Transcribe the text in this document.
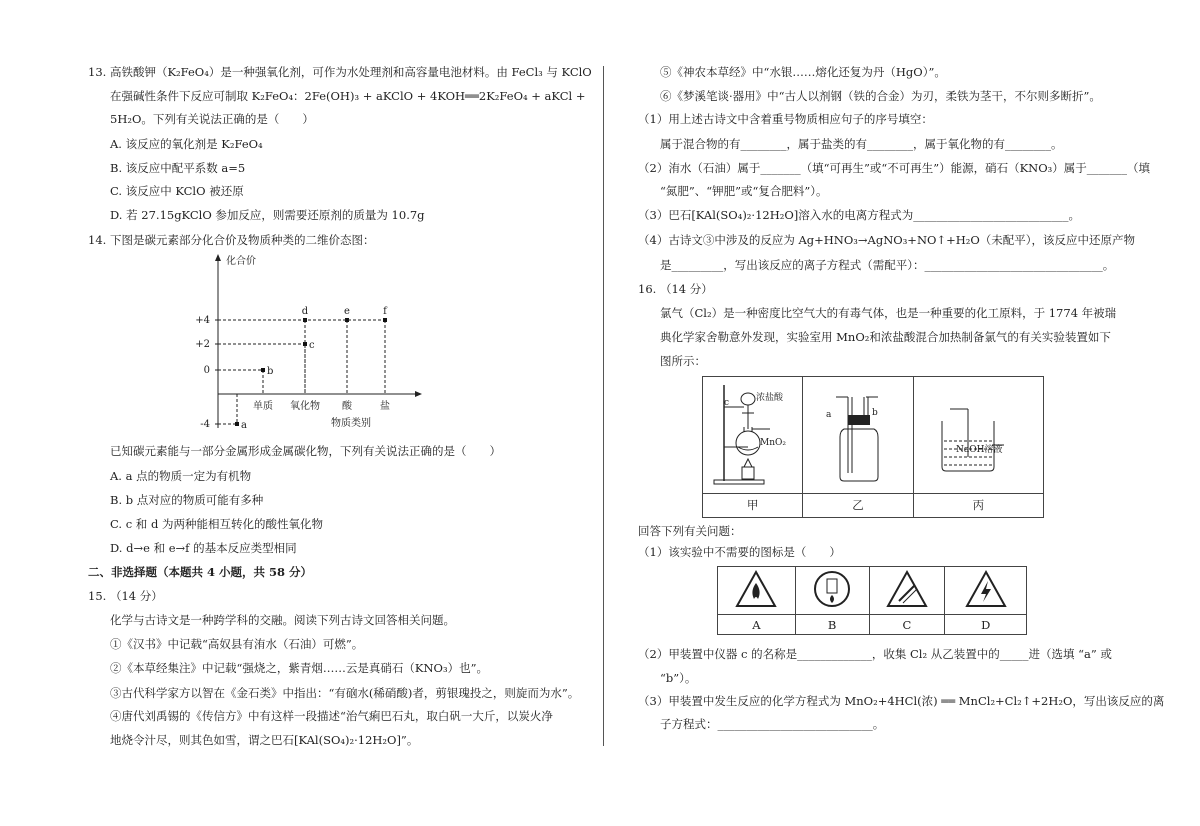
13. 高铁酸钾（K₂FeO₄）是一种强氧化剂，可作为水处理剂和高容量电池材料。由 FeCl₃ 与 KClO
在强碱性条件下反应可制取 K₂FeO₄：2Fe(OH)₃ + aKClO + 4KOH══2K₂FeO₄ + aKCl +
5H₂O。下列有关说法正确的是（　　）
A. 该反应的氧化剂是 K₂FeO₄
B. 该反应中配平系数 a=5
C. 该反应中 KClO 被还原
D. 若 27.15gKClO 参加反应，则需要还原剂的质量为 10.7g
14. 下图是碳元素部分化合价及物质种类的二维价态图：
+4
+2
0
-4
单质 氧化物 酸	盐
a
b
c
d	e	f
化合价
物质类别
已知碳元素能与一部分金属形成金属碳化物，下列有关说法正确的是（　　）
A. a 点的物质一定为有机物
B. b 点对应的物质可能有多种
C. c 和 d 为两种能相互转化的酸性氧化物
D. d→e 和 e→f 的基本反应类型相同
二、非选择题（本题共 4 小题，共 58 分）
15. （14 分）
化学与古诗文是一种跨学科的交融。阅读下列古诗文回答相关问题。
①《汉书》中记载“高奴县有洧水（石油）可燃”。
②《本草经集注》中记载“强烧之，紫青烟……云是真硝石（KNO₃）也”。
③古代科学家方以智在《金石类》中指出：“有硇水(稀硝酸)者，剪银瑰投之，则旋而为水”。
④唐代刘禹锡的《传信方》中有这样一段描述“治气痢巴石丸，取白矾一大斤，以炭火净
地烧令汁尽，则其色如雪，谓之巴石[KAl(SO₄)₂·12H₂O]”。
⑤《神农本草经》中“水银……熔化还复为丹（HgO）”。
⑥《梦溪笔谈·器用》中“古人以剂钢（铁的合金）为刃，柔铁为茎干，不尔则多断折”。
（1）用上述古诗文中含着重号物质相应句子的序号填空：
属于混合物的有________，属于盐类的有________，属于氧化物的有________。
（2）洧水（石油）属于_______（填“可再生”或“不可再生”）能源，硝石（KNO₃）属于_______（填
“氮肥”、“钾肥”或“复合肥料”）。
（3）巴石[KAl(SO₄)₂·12H₂O]溶入水的电离方程式为___________________________。
（4）古诗文③中涉及的反应为 Ag+HNO₃→AgNO₃+NO↑+H₂O（未配平），该反应中还原产物
是_________，写出该反应的离子方程式（需配平）：_______________________________。
16. （14 分）
氯气（Cl₂）是一种密度比空气大的有毒气体，也是一种重要的化工原料，于 1774 年被瑞
典化学家舍勒意外发现，实验室用 MnO₂和浓盐酸混合加热制备氯气的有关实验装置如下
图所示：

甲	乙	丙
浓盐酸
c
MnO₂
a	b
NaOH溶液
回答下列有关问题：
（1）该实验中不需要的图标是（　　）

A	B	C	D
（2）甲装置中仪器 c 的名称是_____________，收集 Cl₂ 从乙装置中的_____进（选填 “a” 或
“b”）。
（3）甲装置中发生反应的化学方程式为 MnO₂+4HCl(浓) ══ MnCl₂+Cl₂↑+2H₂O，写出该反应的离
子方程式：___________________________。
